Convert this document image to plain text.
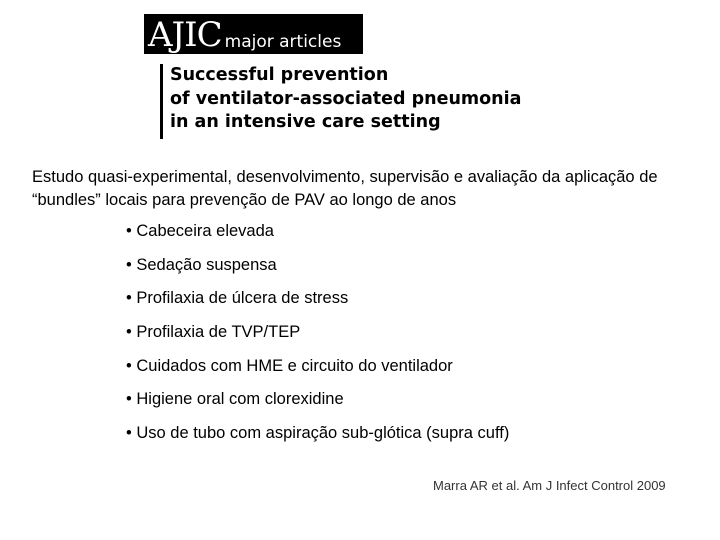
AJIC major articles
Successful prevention
of ventilator-associated pneumonia
in an intensive care setting
Estudo quasi-experimental, desenvolvimento, supervisão e avaliação da aplicação de “bundles” locais para prevenção de PAV ao longo de anos
• Cabeceira elevada
• Sedação suspensa
• Profilaxia de úlcera de stress
• Profilaxia de TVP/TEP
• Cuidados com HME e circuito do ventilador
• Higiene oral com clorexidine
• Uso de tubo com aspiração sub-glótica (supra cuff)
Marra AR et al. Am J Infect Control 2009
